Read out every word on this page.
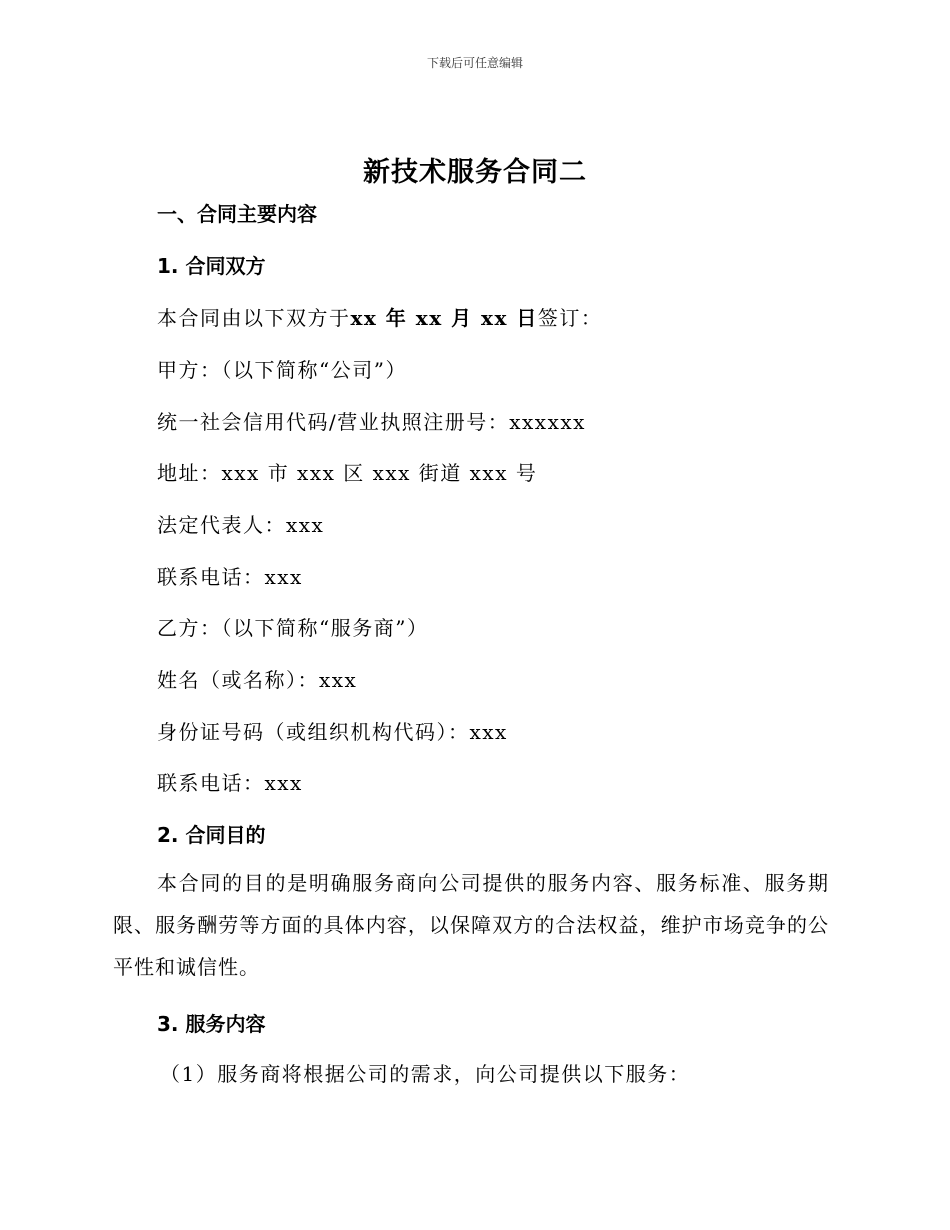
下载后可任意编辑
新技术服务合同二
一、合同主要内容
1. 合同双方
本合同由以下双方于xx 年 xx 月 xx 日签订：
甲方：（以下简称“公司”）
统一社会信用代码/营业执照注册号：xxxxxx
地址：xxx 市 xxx 区 xxx 街道 xxx 号
法定代表人：xxx
联系电话：xxx
乙方：（以下简称“服务商”）
姓名（或名称）：xxx
身份证号码（或组织机构代码）：xxx
联系电话：xxx
2. 合同目的
本合同的目的是明确服务商向公司提供的服务内容、服务标准、服务期限、服务酬劳等方面的具体内容，以保障双方的合法权益，维护市场竞争的公平性和诚信性。
3. 服务内容
（1）服务商将根据公司的需求，向公司提供以下服务：
